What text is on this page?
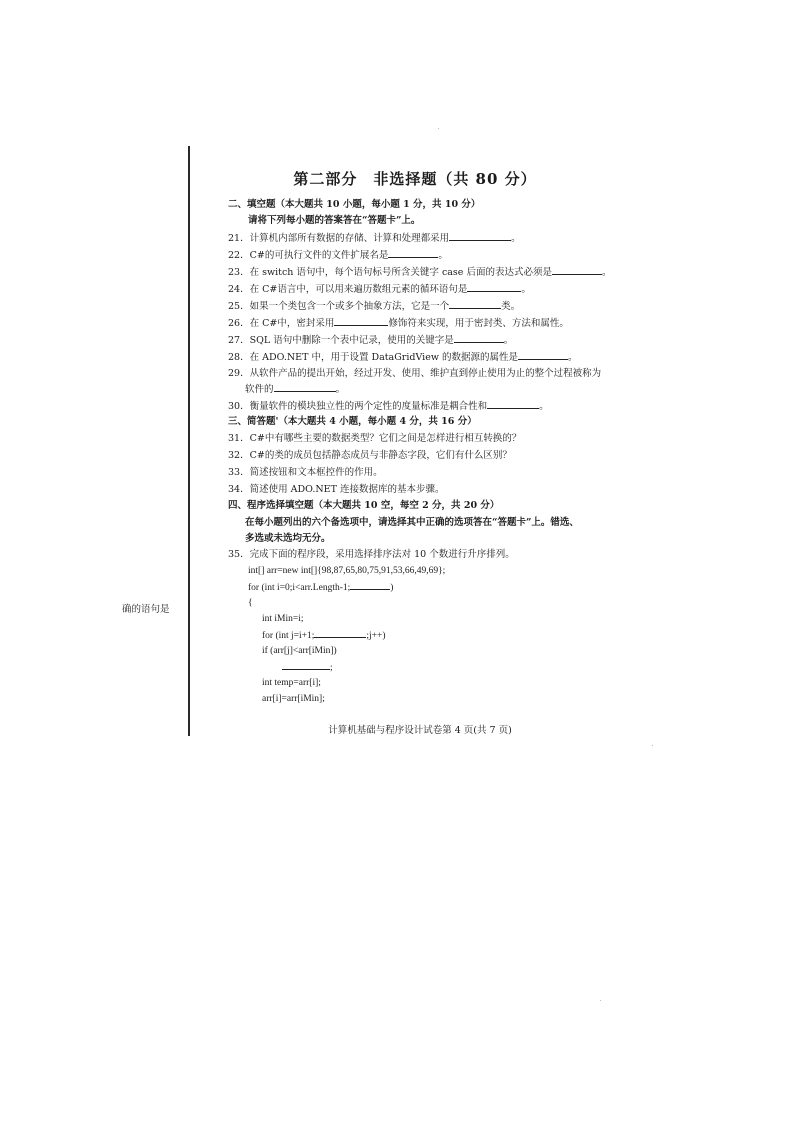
确的语句是
第二部分　非选择题（共 80 分）
二、填空题（本大题共 10 小题，每小题 1 分，共 10 分）
请将下列每小题的答案答在“答题卡”上。
21．计算机内部所有数据的存储、计算和处理都采用	。
22．C#的可执行文件的文件扩展名是	。
23．在 switch 语句中，每个语句标号所含关键字 case 后面的表达式必须是	。
24．在 C#语言中，可以用来遍历数组元素的循环语句是	。
25．如果一个类包含一个或多个抽象方法，它是一个	类。
26．在 C#中，密封采用	修饰符来实现，用于密封类、方法和属性。
27．SQL 语句中删除一个表中记录，使用的关键字是	。
28．在 ADO.NET 中，用于设置 DataGridView 的数据源的属性是	。
29．从软件产品的提出开始，经过开发、使用、维护直到停止使用为止的整个过程被称为
软件的	。
30．衡量软件的模块独立性的两个定性的度量标准是耦合性和	。
三、简答题'（本大题共 4 小题，每小题 4 分，共 16 分）
31．C#中有哪些主要的数据类型？它们之间是怎样进行相互转换的？
32．C#的类的成员包括静态成员与非静态字段，它们有什么区别？
33．简述按钮和文本框控件的作用。
34．简述使用 ADO.NET 连接数据库的基本步骤。
四、程序选择填空题（本大题共 10 空，每空 2 分，共 20 分）
在每小题列出的六个备选项中，请选择其中正确的选项答在“答题卡”上。错选、
多选或未选均无分。
35．完成下面的程序段，采用选择排序法对 10 个数进行升序排列。
int[] arr=new int[]{98,87,65,80,75,91,53,66,49,69};
for (int i=0;i<arr.Length-1;	)
{
int iMin=i;
for (int j=i+1;	;j++)
if (arr[j]<arr[iMin])
;
int temp=arr[i];
arr[i]=arr[iMin];
计算机基础与程序设计试卷第 4 页(共 7 页)
